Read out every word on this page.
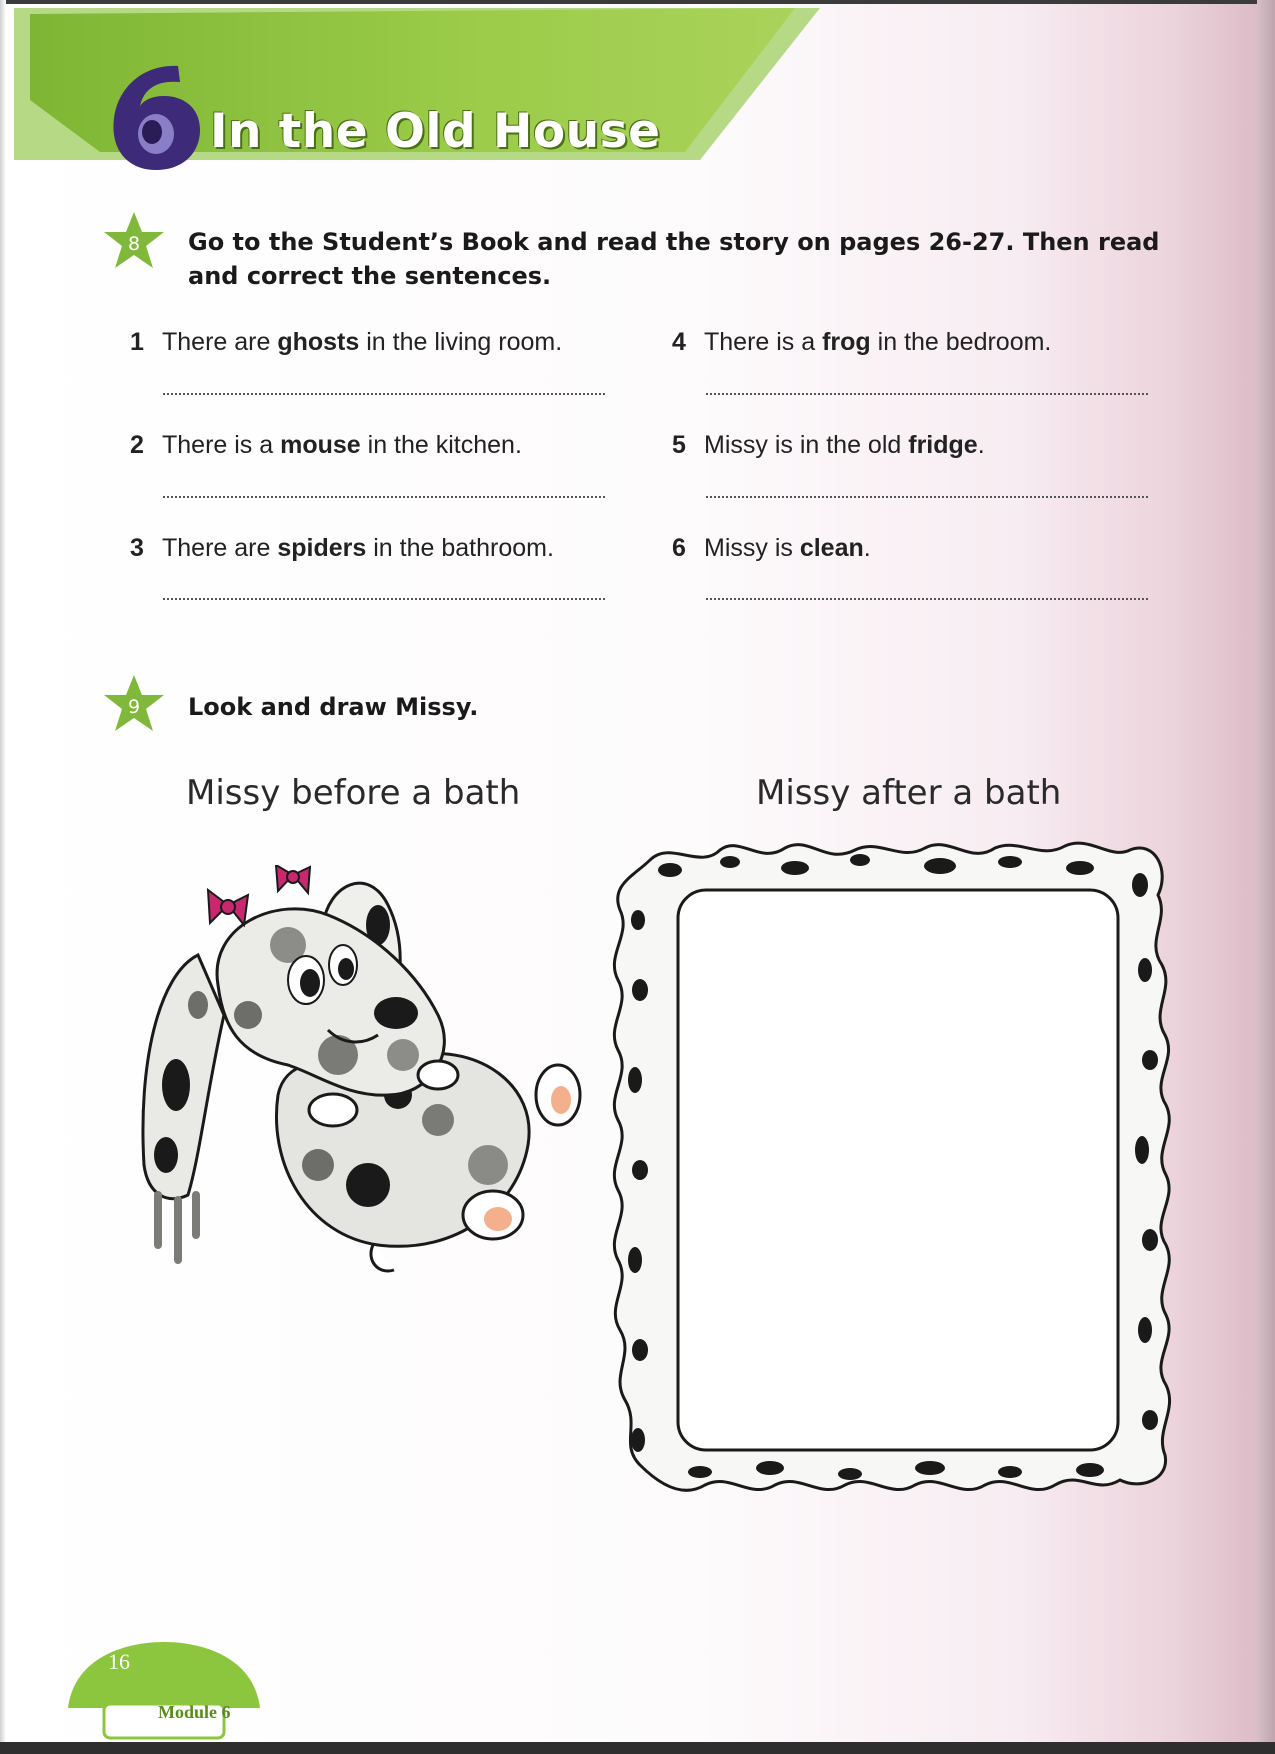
In the Old House
8	Go to the Student’s Book and read the story on pages 26-27. Then read
and correct the sentences.
1 There are ghosts in the living room.
2 There is a mouse in the kitchen.
3 There are spiders in the bathroom.
4 There is a frog in the bedroom.
5 Missy is in the old fridge.
6 Missy is clean.
9	Look and draw Missy.
Missy before a bath	Missy after a bath
16
Module 6
